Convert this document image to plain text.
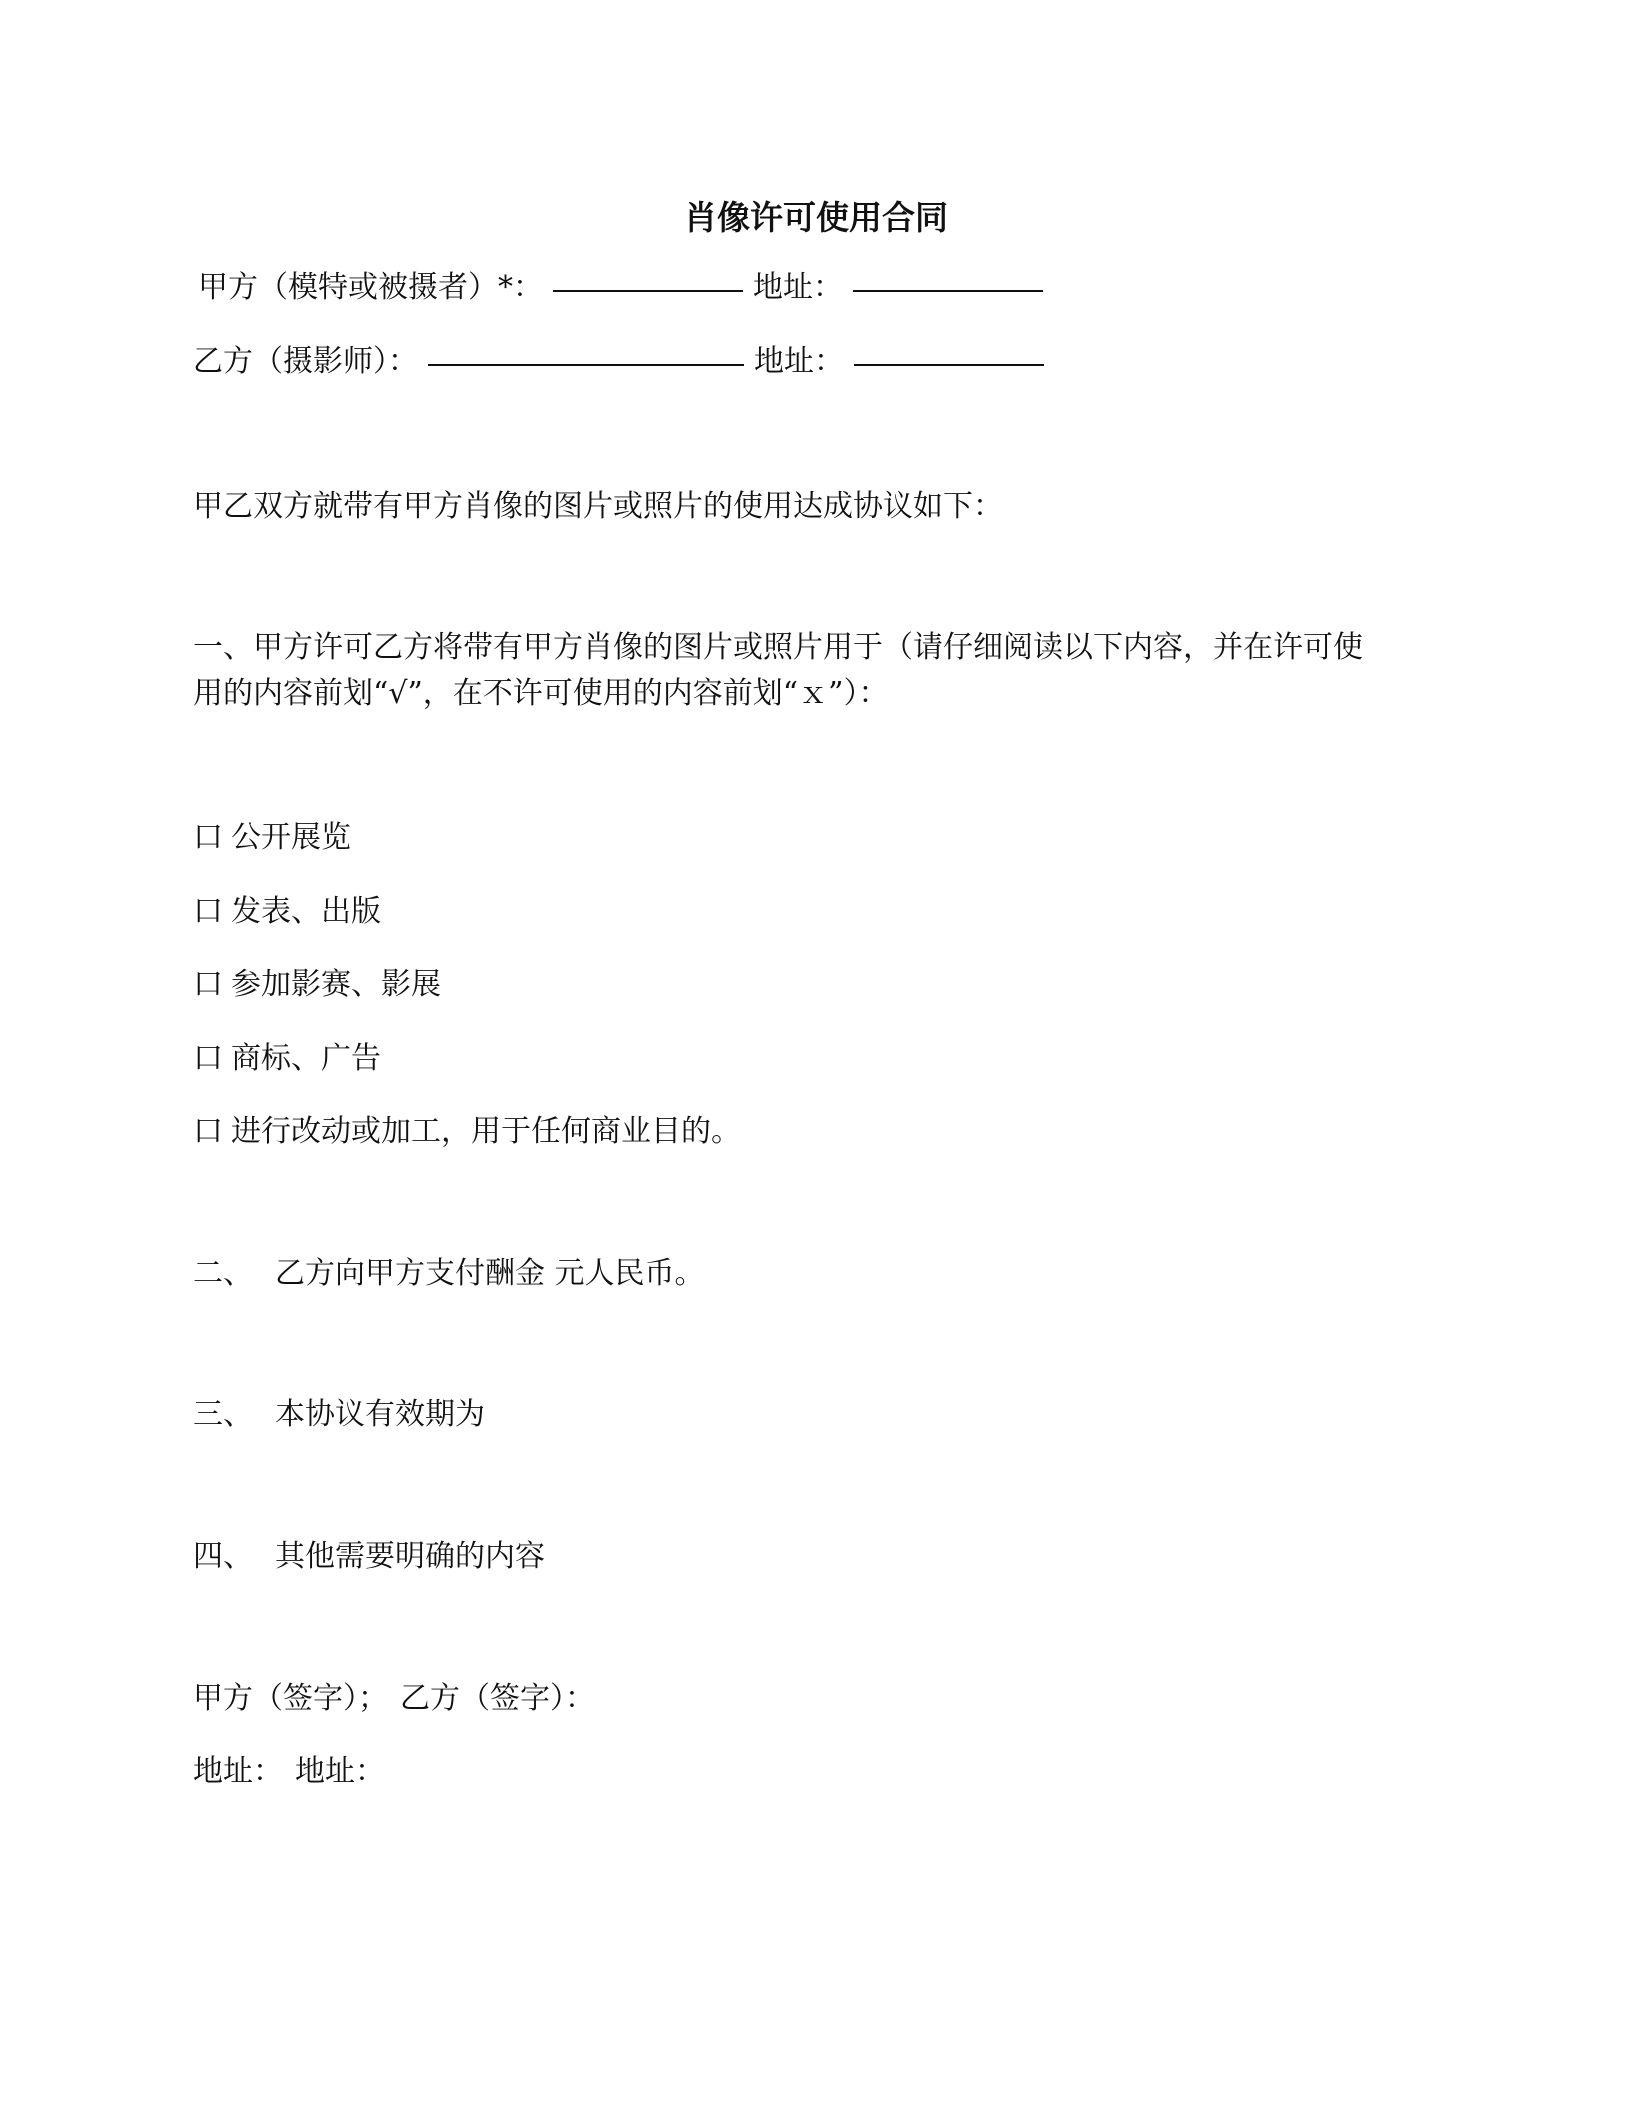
肖像许可使用合同
甲方（模特或被摄者）*：	地址：
乙方（摄影师）：	地址：
甲乙双方就带有甲方肖像的图片或照片的使用达成协议如下：
一、甲方许可乙方将带有甲方肖像的图片或照片用于（请仔细阅读以下内容，并在许可使
用的内容前划“√”，在不许可使用的内容前划“ｘ”）：
口 公开展览
口 发表、出版
口 参加影赛、影展
口 商标、广告
口 进行改动或加工，用于任何商业目的。
二、 乙方向甲方支付酬金 元人民币。
三、 本协议有效期为
四、 其他需要明确的内容
甲方（签字）； 乙方（签字）：
地址： 地址：
